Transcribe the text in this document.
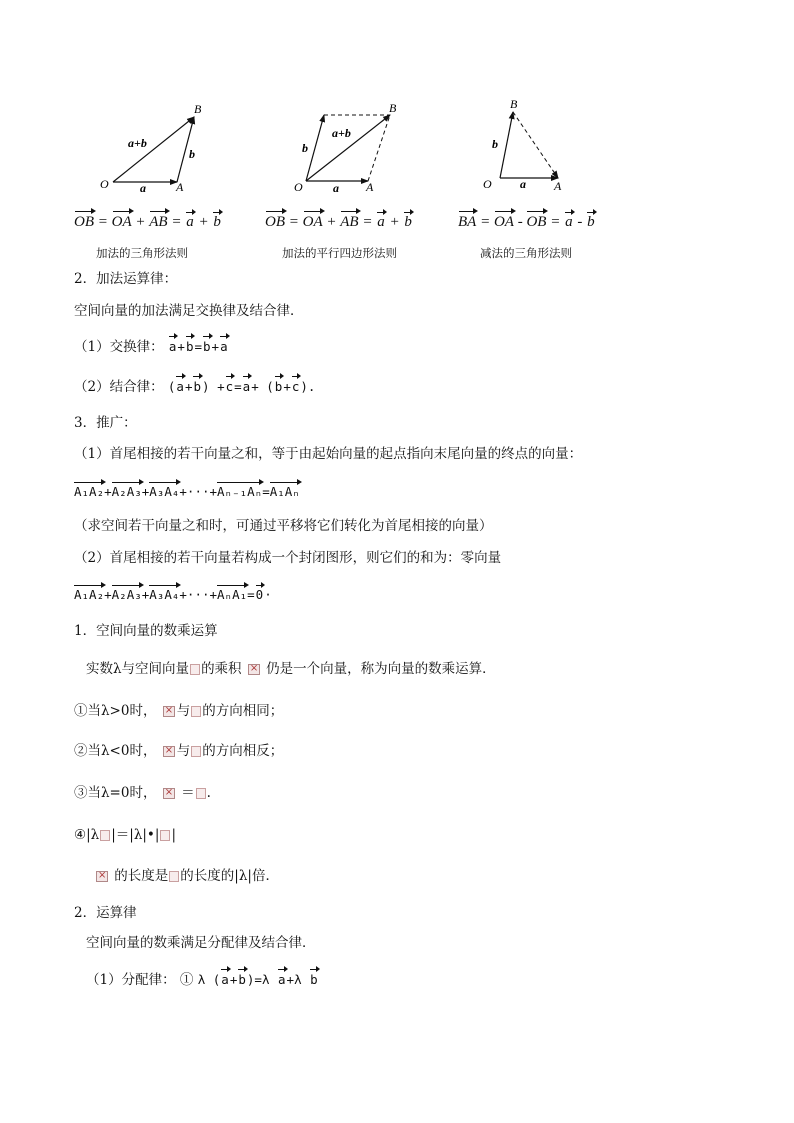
O	A
B
a
b
a+b
O	A
B
a
b
a+b
O	A
B
a
b
OB = OA + AB = a + b	OB = OA + AB = a + b	BA = OA - OB = a - b
加法的三角形法则	加法的平行四边形法则	减法的三角形法则
2．加法运算律：
空间向量的加法满足交换律及结合律．
（1）交换律： a+b=b+a
（2）结合律： (a+b) +c=a+ (b+c).
3．推广：
（1）首尾相接的若干向量之和，等于由起始向量的起点指向末尾向量的终点的向量：
A₁A₂+A₂A₃+A₃A₄+···+Aₙ₋₁Aₙ=A₁Aₙ
（求空间若干向量之和时，可通过平移将它们转化为首尾相接的向量）
（2）首尾相接的若干向量若构成一个封闭图形，则它们的和为：零向量
A₁A₂+A₂A₃+A₃A₄+···+AₙA₁=0·
1．空间向量的数乘运算
实数λ与空间向量 的乘积 × 仍是一个向量，称为向量的数乘运算．
①当λ>0时， × 与 的方向相同；
②当λ<0时， × 与 的方向相反；
③当λ=0时， × ＝ .
④|λ |＝|λ|•| |
× 的长度是 的长度的|λ|倍．
2．运算律
空间向量的数乘满足分配律及结合律．
（1）分配律： ① λ (a+b)=λ a+λ b
